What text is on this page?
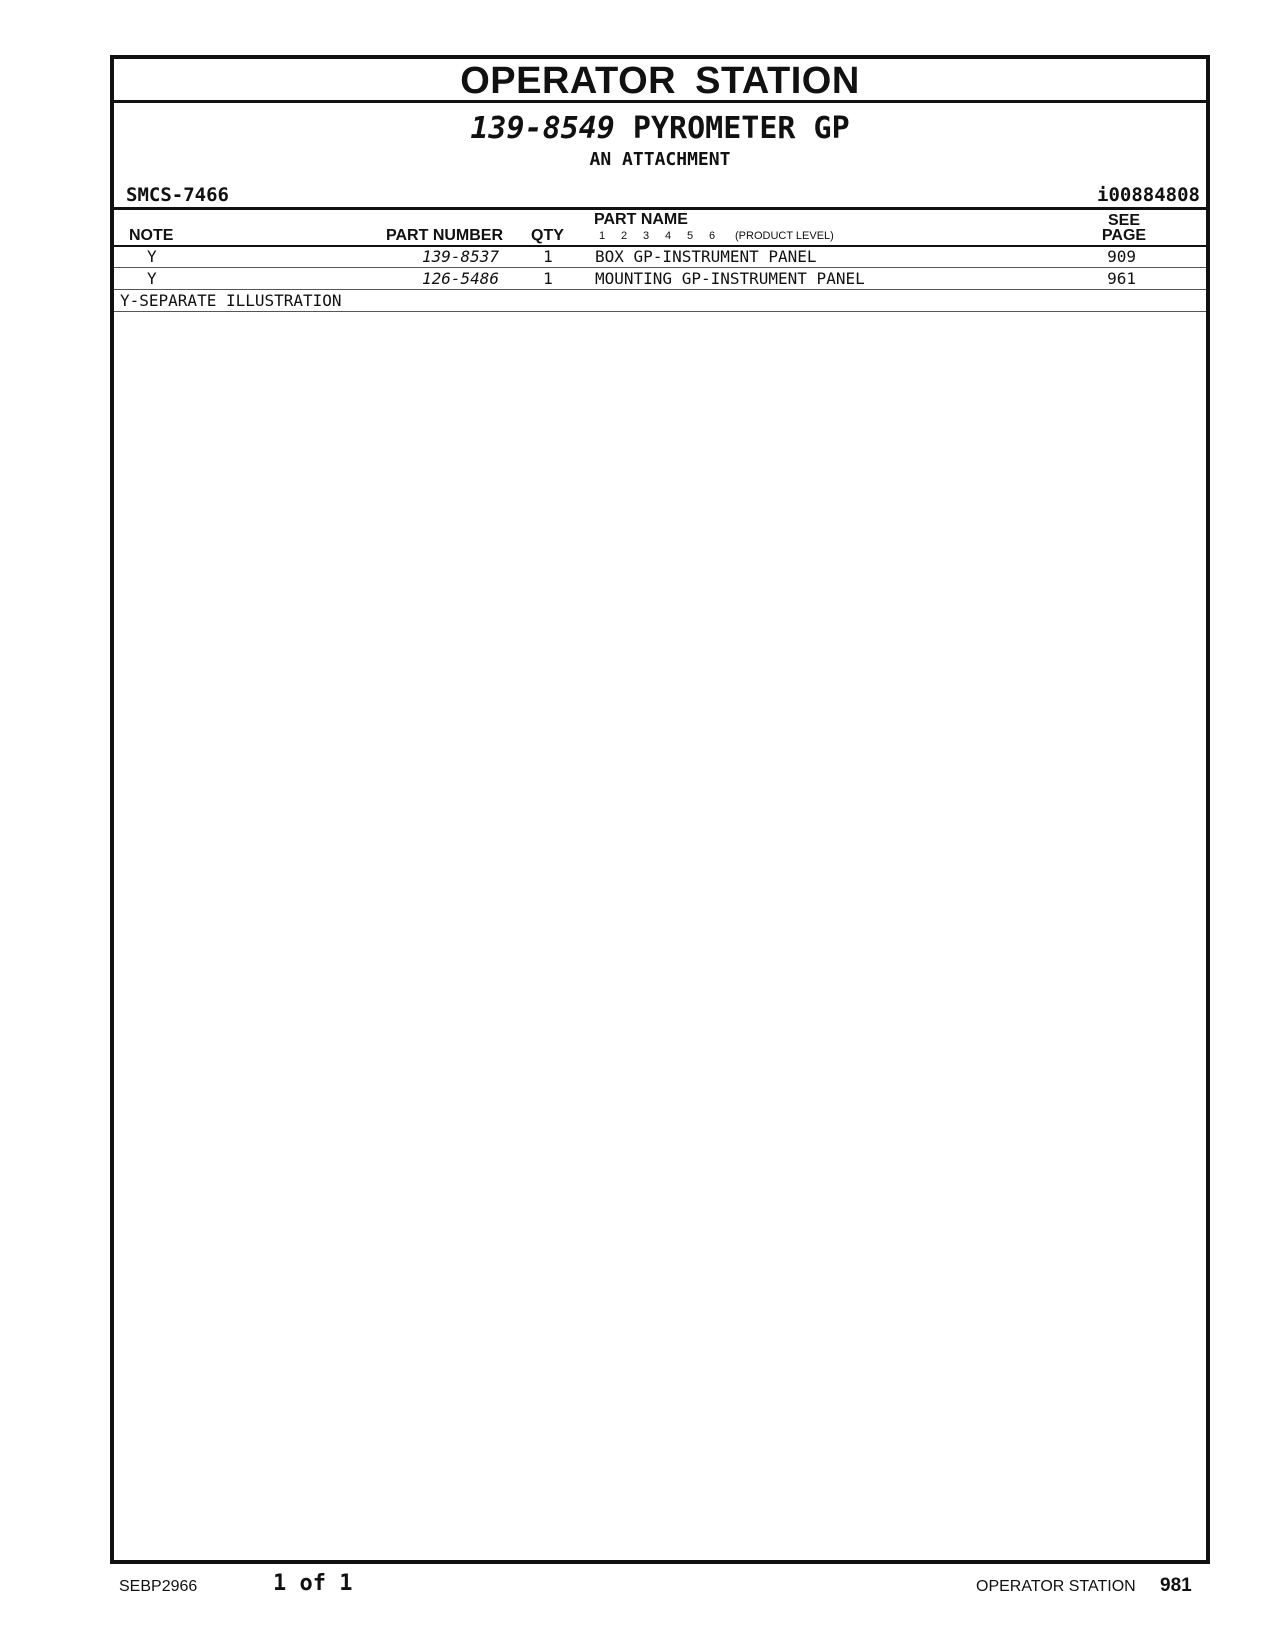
OPERATOR STATION
139-8549 PYROMETER GP
AN ATTACHMENT
SMCS-7466	i00884808
PART NAME
NOTE	PART NUMBER QTY	1	2	3	4	5	6	(PRODUCT LEVEL)
SEE
PAGE
Y	139-8537	1	BOX GP-INSTRUMENT PANEL	909
Y	126-5486	1	MOUNTING GP-INSTRUMENT PANEL	961
Y-SEPARATE ILLUSTRATION
SEBP2966	1 of 1	OPERATOR STATION 981
